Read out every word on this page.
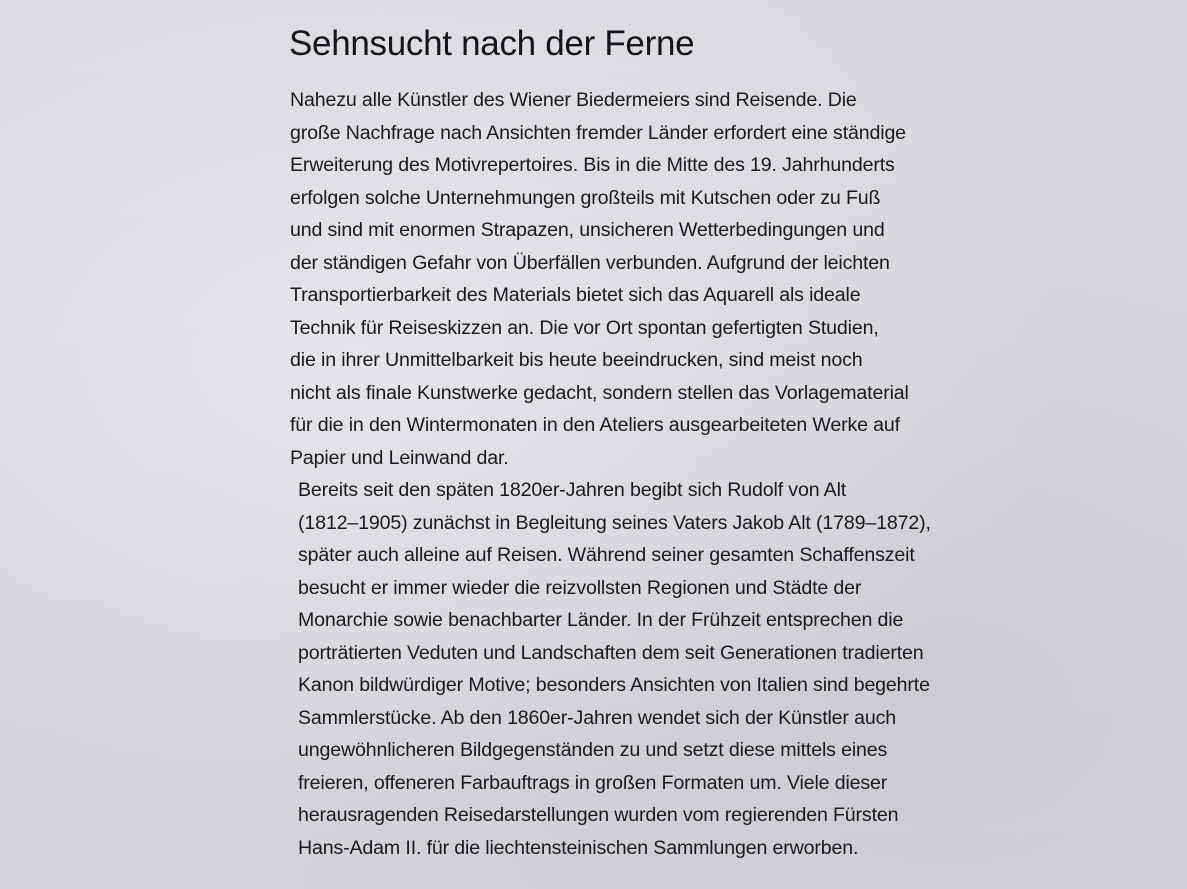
Sehnsucht nach der Ferne
Nahezu alle Künstler des Wiener Biedermeiers sind Reisende. Die
große Nachfrage nach Ansichten fremder Länder erfordert eine ständige
Erweiterung des Motivrepertoires. Bis in die Mitte des 19. Jahrhunderts
erfolgen solche Unternehmungen großteils mit Kutschen oder zu Fuß
und sind mit enormen Strapazen, unsicheren Wetterbedingungen und
der ständigen Gefahr von Überfällen verbunden. Aufgrund der leichten
Transportierbarkeit des Materials bietet sich das Aquarell als ideale
Technik für Reiseskizzen an. Die vor Ort spontan gefertigten Studien,
die in ihrer Unmittelbarkeit bis heute beeindrucken, sind meist noch
nicht als finale Kunstwerke gedacht, sondern stellen das Vorlagematerial
für die in den Wintermonaten in den Ateliers ausgearbeiteten Werke auf
Papier und Leinwand dar.
Bereits seit den späten 1820er-Jahren begibt sich Rudolf von Alt
(1812–1905) zunächst in Begleitung seines Vaters Jakob Alt (1789–1872),
später auch alleine auf Reisen. Während seiner gesamten Schaffenszeit
besucht er immer wieder die reizvollsten Regionen und Städte der
Monarchie sowie benachbarter Länder. In der Frühzeit entsprechen die
porträtierten Veduten und Landschaften dem seit Generationen tradierten
Kanon bildwürdiger Motive; besonders Ansichten von Italien sind begehrte
Sammlerstücke. Ab den 1860er-Jahren wendet sich der Künstler auch
ungewöhnlicheren Bildgegenständen zu und setzt diese mittels eines
freieren, offeneren Farbauftrags in großen Formaten um. Viele dieser
herausragenden Reisedarstellungen wurden vom regierenden Fürsten
Hans-Adam II. für die liechtensteinischen Sammlungen erworben.
